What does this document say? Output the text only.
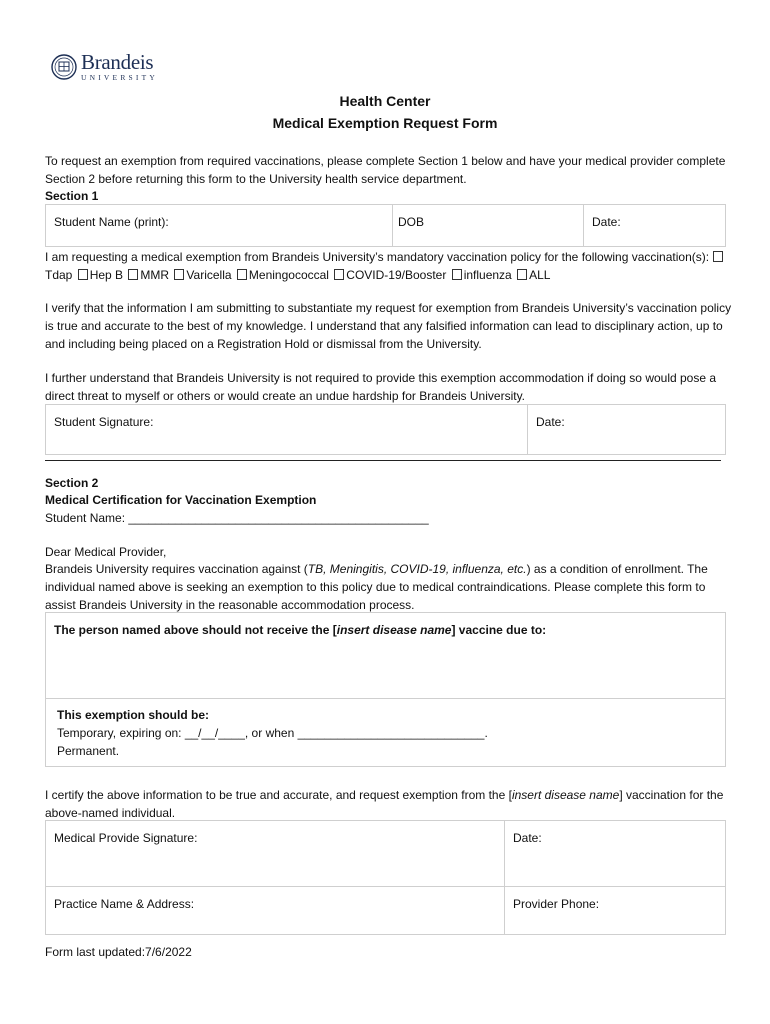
Brandeis
UNIVERSITY
Health Center
Medical Exemption Request Form
To request an exemption from required vaccinations, please complete Section 1 below and have your medical provider complete Section 2 before returning this form to the University health service department.
Section 1
Student Name (print):	DOB	Date:
I am requesting a medical exemption from Brandeis University’s mandatory vaccination policy for the following vaccination(s): Tdap Hep B MMR Varicella Meningococcal COVID-19/Booster influenza ALL
I verify that the information I am submitting to substantiate my request for exemption from Brandeis University’s vaccination policy is true and accurate to the best of my knowledge. I understand that any falsified information can lead to disciplinary action, up to and including being placed on a Registration Hold or dismissal from the University.
I further understand that Brandeis University is not required to provide this exemption accommodation if doing so would pose a direct threat to myself or others or would create an undue hardship for Brandeis University.
Student Signature:	Date:
Section 2
Medical Certification for Vaccination Exemption
Student Name: _____________________________________________
Dear Medical Provider,
Brandeis University requires vaccination against (TB, Meningitis, COVID-19, influenza, etc.) as a condition of enrollment. The individual named above is seeking an exemption to this policy due to medical contraindications. Please complete this form to assist Brandeis University in the reasonable accommodation process.
The person named above should not receive the [insert disease name] vaccine due to:
This exemption should be:
Temporary, expiring on: __/__/____, or when ____________________________.
Permanent.
I certify the above information to be true and accurate, and request exemption from the [insert disease name] vaccination for the above-named individual.
Medical Provide Signature:	Date:
Practice Name & Address:	Provider Phone:
Form last updated:7/6/2022
